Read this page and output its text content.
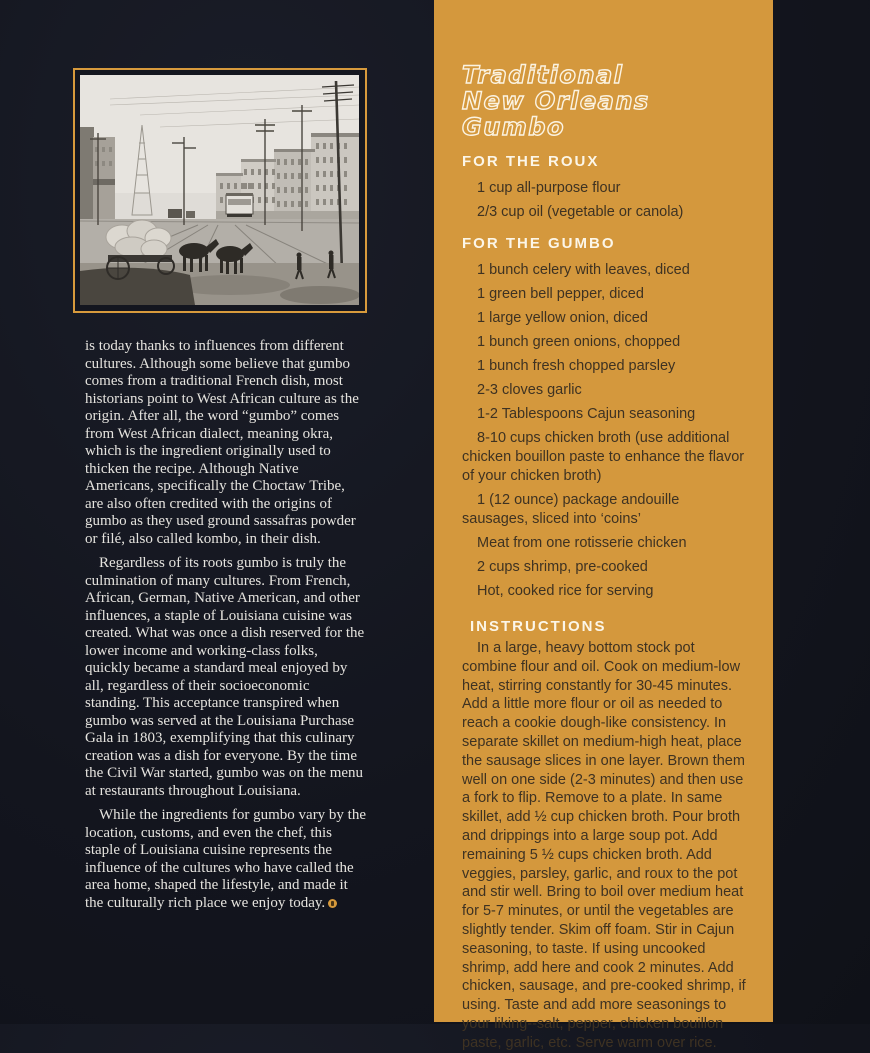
is today thanks to influences from different cultures. Although some believe that gumbo comes from a traditional French dish, most historians point to West African culture as the origin. After all, the word “gumbo” comes from West African dialect, meaning okra, which is the ingredient originally used to thicken the recipe. Although Native Americans, specifically the Choctaw Tribe, are also often credited with the origins of gumbo as they used ground sassafras powder or filé, also called kombo, in their dish.

Regardless of its roots gumbo is truly the culmination of many cultures. From French, African, German, Native American, and other influences, a staple of Louisiana cuisine was created. What was once a dish reserved for the lower income and working-class folks, quickly became a standard meal enjoyed by all, regardless of their socioeconomic standing. This acceptance transpired when gumbo was served at the Louisiana Purchase Gala in 1803, exemplifying that this culinary creation was a dish for everyone. By the time the Civil War started, gumbo was on the menu at restaurants throughout Louisiana.

While the ingredients for gumbo vary by the location, customs, and even the chef, this staple of Louisiana cuisine represents the influence of the cultures who have called the area home, shaped the lifestyle, and made it the culturally rich place we enjoy today.

Traditional
New Orleans Gumbo
FOR THE ROUX
1 cup all-purpose flour
2/3 cup oil (vegetable or canola)
FOR THE GUMBO
1 bunch celery with leaves, diced
1 green bell pepper, diced
1 large yellow onion, diced
1 bunch green onions, chopped
1 bunch fresh chopped parsley
2-3 cloves garlic
1-2 Tablespoons Cajun seasoning
8-10 cups chicken broth (use additional chicken bouillon paste to enhance the flavor of your chicken broth)
1 (12 ounce) package andouille sausages, sliced into ‘coins’
Meat from one rotisserie chicken
2 cups shrimp, pre-cooked
Hot, cooked rice for serving
INSTRUCTIONS

In a large, heavy bottom stock pot combine flour and oil. Cook on medium-low heat, stirring constantly for 30-45 minutes. Add a little more flour or oil as needed to reach a cookie dough-like consistency. In separate skillet on medium-high heat, place the sausage slices in one layer. Brown them well on one side (2-3 minutes) and then use a fork to flip. Remove to a plate. In same skillet, add ½ cup chicken broth. Pour broth and drippings into a large soup pot. Add remaining 5 ½ cups chicken broth. Add veggies, parsley, garlic, and roux to the pot and stir well. Bring to boil over medium heat for 5-7 minutes, or until the vegetables are slightly tender. Skim off foam. Stir in Cajun seasoning, to taste. If using uncooked shrimp, add here and cook 2 minutes. Add chicken, sausage, and pre-cooked shrimp, if using. Taste and add more seasonings to your liking--salt, pepper, chicken bouillon paste, garlic, etc. Serve warm over rice.
